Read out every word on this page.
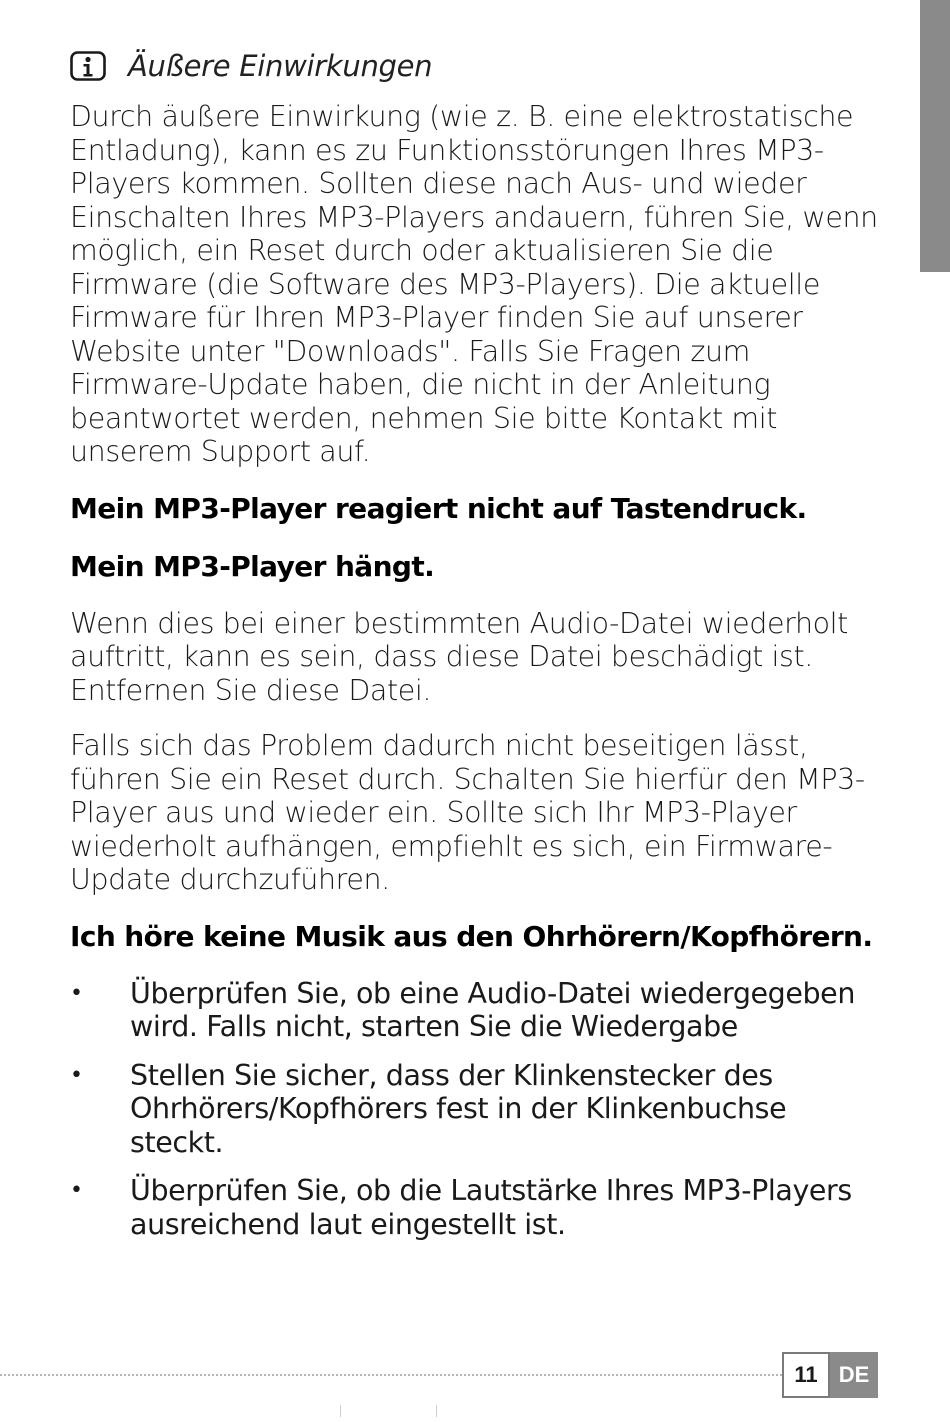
Äußere Einwirkungen

Durch äußere Einwirkung (wie z. B. eine elektrostatische Entladung), kann es zu Funktionsstörungen Ihres MP3-Players kommen. Sollten diese nach Aus- und wieder Einschalten Ihres MP3-Players andauern, führen Sie, wenn möglich, ein Reset durch oder aktualisieren Sie die Firmware (die Software des MP3-Players). Die aktuelle Firmware für Ihren MP3-Player finden Sie auf unserer Website unter "Downloads". Falls Sie Fragen zum Firmware-Update haben, die nicht in der Anleitung beantwortet werden, nehmen Sie bitte Kontakt mit unserem Support auf.

Mein MP3-Player reagiert nicht auf Tastendruck.
Mein MP3-Player hängt.

Wenn dies bei einer bestimmten Audio-Datei wiederholt auftritt, kann es sein, dass diese Datei beschädigt ist. Entfernen Sie diese Datei.

Falls sich das Problem dadurch nicht beseitigen lässt, führen Sie ein Reset durch. Schalten Sie hierfür den MP3-Player aus und wieder ein. Sollte sich Ihr MP3-Player wiederholt aufhängen, empfiehlt es sich, ein Firmware-Update durchzuführen.

Ich höre keine Musik aus den Ohrhörern/Kopfhörern.
• Überprüfen Sie, ob eine Audio-Datei wiedergegeben wird. Falls nicht, starten Sie die Wiedergabe
• Stellen Sie sicher, dass der Klinkenstecker des Ohrhörers/Kopfhörers fest in der Klinkenbuchse steckt.
• Überprüfen Sie, ob die Lautstärke Ihres MP3-Players ausreichend laut eingestellt ist.
11 DE
